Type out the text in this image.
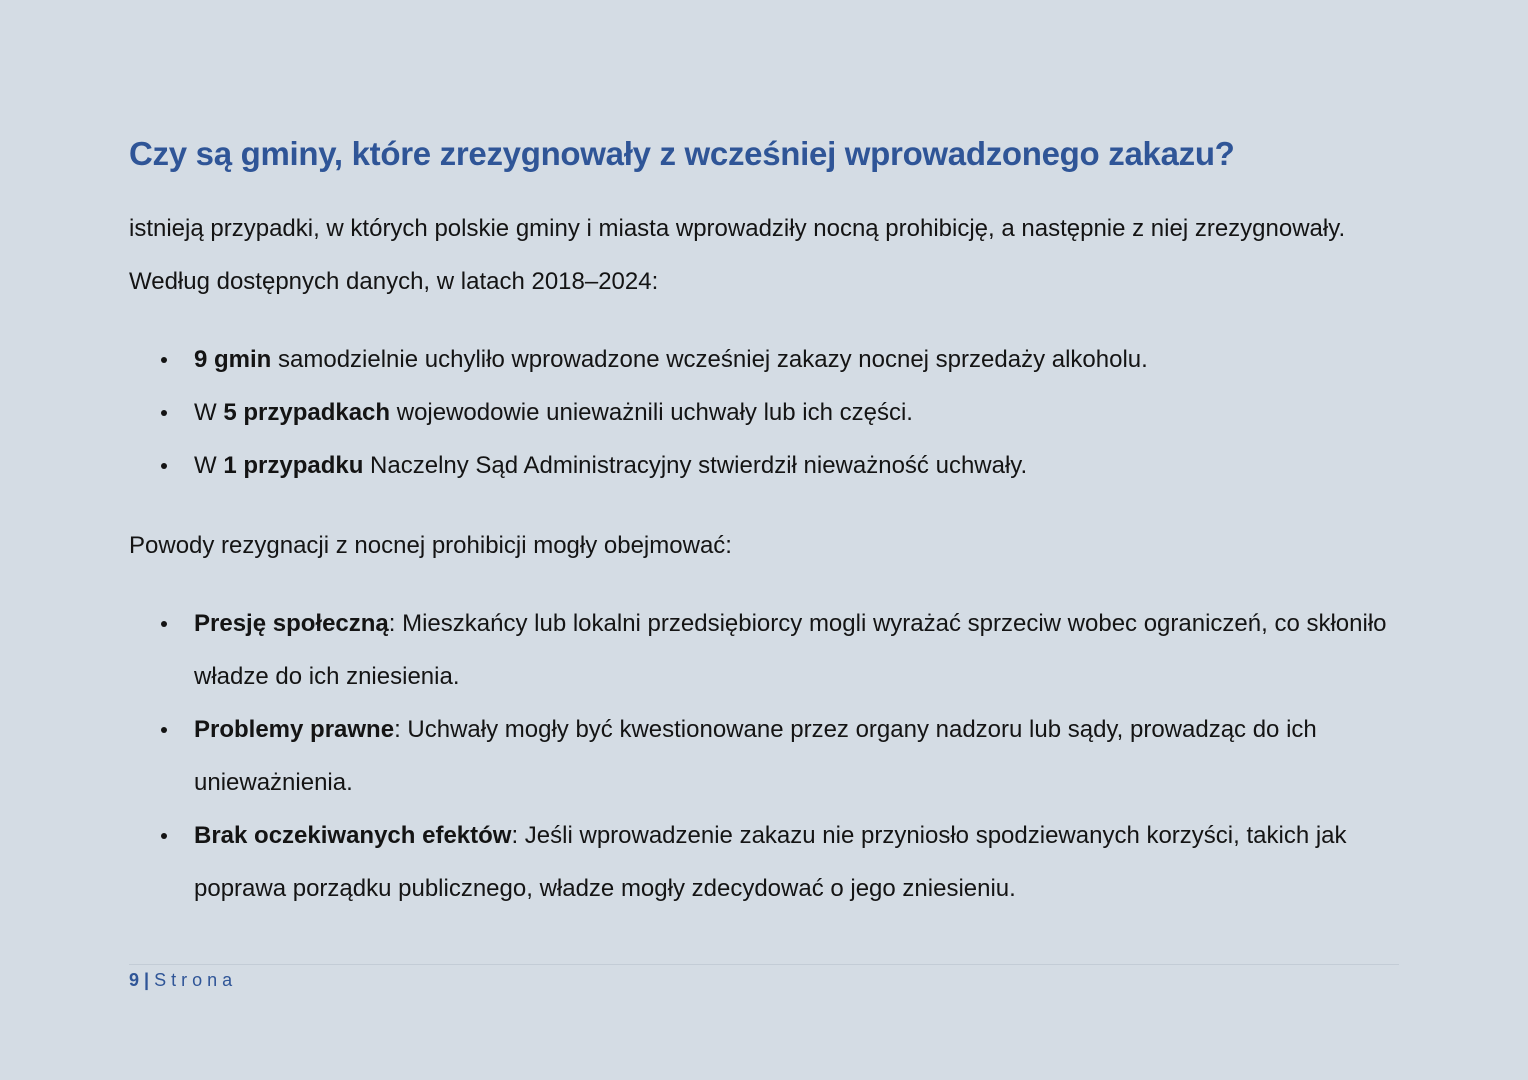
Czy są gminy, które zrezygnowały z wcześniej wprowadzonego zakazu?

istnieją przypadki, w których polskie gminy i miasta wprowadziły nocną prohibicję, a następnie z niej zrezygnowały. Według dostępnych danych, w latach 2018–2024:

9 gmin samodzielnie uchyliło wprowadzone wcześniej zakazy nocnej sprzedaży alkoholu.
W 5 przypadkach wojewodowie unieważnili uchwały lub ich części.
W 1 przypadku Naczelny Sąd Administracyjny stwierdził nieważność uchwały.

Powody rezygnacji z nocnej prohibicji mogły obejmować:

Presję społeczną: Mieszkańcy lub lokalni przedsiębiorcy mogli wyrażać sprzeciw wobec ograniczeń, co skłoniło władze do ich zniesienia.
Problemy prawne: Uchwały mogły być kwestionowane przez organy nadzoru lub sądy, prowadząc do ich unieważnienia.
Brak oczekiwanych efektów: Jeśli wprowadzenie zakazu nie przyniosło spodziewanych korzyści, takich jak poprawa porządku publicznego, władze mogły zdecydować o jego zniesieniu.
9 | Strona
